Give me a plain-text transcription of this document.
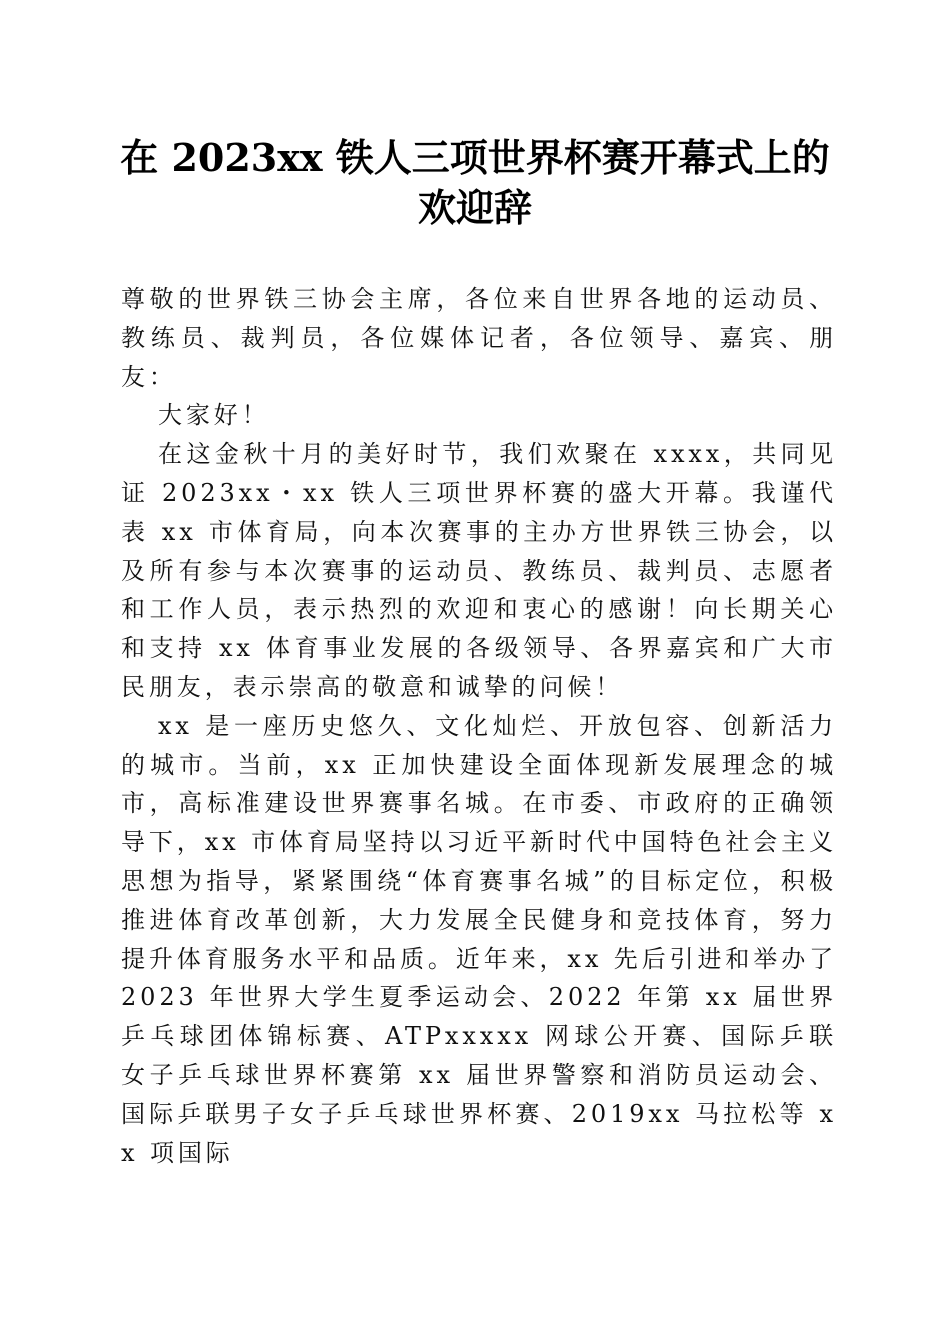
在 2023xx 铁人三项世界杯赛开幕式上的欢迎辞

尊敬的世界铁三协会主席，各位来自世界各地的运动员、教练员、裁判员，各位媒体记者，各位领导、嘉宾、朋友：

大家好！

在这金秋十月的美好时节，我们欢聚在 xxxx，共同见证 2023xx・xx 铁人三项世界杯赛的盛大开幕。我谨代表 xx 市体育局，向本次赛事的主办方世界铁三协会，以及所有参与本次赛事的运动员、教练员、裁判员、志愿者和工作人员，表示热烈的欢迎和衷心的感谢！向长期关心和支持 xx 体育事业发展的各级领导、各界嘉宾和广大市民朋友，表示崇高的敬意和诚挚的问候！

xx 是一座历史悠久、文化灿烂、开放包容、创新活力的城市。当前，xx 正加快建设全面体现新发展理念的城市，高标准建设世界赛事名城。在市委、市政府的正确领导下，xx 市体育局坚持以习近平新时代中国特色社会主义思想为指导，紧紧围绕“体育赛事名城”的目标定位，积极推进体育改革创新，大力发展全民健身和竞技体育，努力提升体育服务水平和品质。近年来，xx 先后引进和举办了 2023 年世界大学生夏季运动会、2022 年第 xx 届世界乒乓球团体锦标赛、ATPxxxxx 网球公开赛、国际乒联女子乒乓球世界杯赛第 xx 届世界警察和消防员运动会、国际乒联男子女子乒乓球世界杯赛、2019xx 马拉松等 xx 项国际
